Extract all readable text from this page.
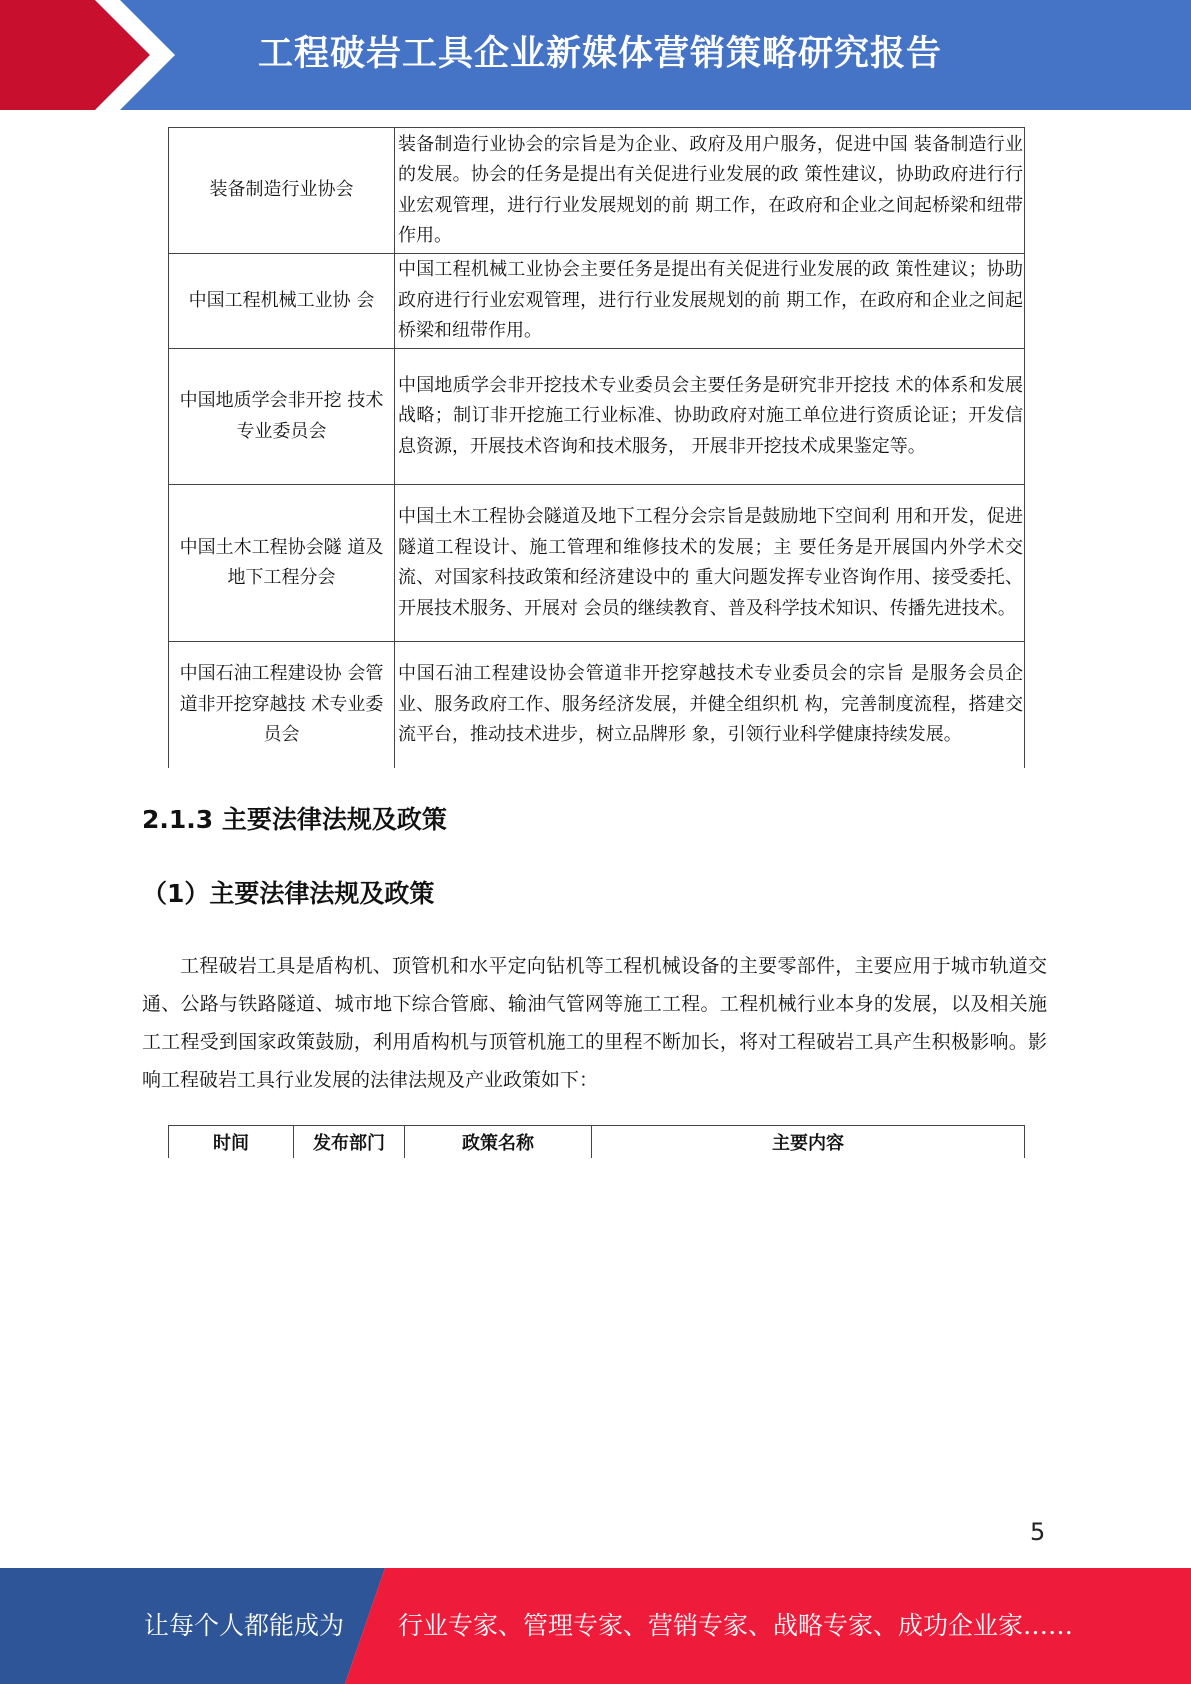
工程破岩工具企业新媒体营销策略研究报告
装备制造行业协会	装备制造行业协会的宗旨是为企业、政府及用户服务，促进中国 装备制造行业的发展。协会的任务是提出有关促进行业发展的政 策性建议，协助政府进行行业宏观管理，进行行业发展规划的前 期工作，在政府和企业之间起桥梁和纽带作用。
中国工程机械工业协 会	中国工程机械工业协会主要任务是提出有关促进行业发展的政 策性建议；协助政府进行行业宏观管理，进行行业发展规划的前 期工作，在政府和企业之间起桥梁和纽带作用。
中国地质学会非开挖 技术专业委员会	中国地质学会非开挖技术专业委员会主要任务是研究非开挖技 术的体系和发展战略；制订非开挖施工行业标准、协助政府对施工单位进行资质论证；开发信息资源，开展技术咨询和技术服务， 开展非开挖技术成果鉴定等。
中国土木工程协会隧 道及地下工程分会	中国土木工程协会隧道及地下工程分会宗旨是鼓励地下空间利 用和开发，促进隧道工程设计、施工管理和维修技术的发展；主 要任务是开展国内外学术交流、对国家科技政策和经济建设中的 重大问题发挥专业咨询作用、接受委托、开展技术服务、开展对 会员的继续教育、普及科学技术知识、传播先进技术。
中国石油工程建设协 会管道非开挖穿越技 术专业委员会	中国石油工程建设协会管道非开挖穿越技术专业委员会的宗旨 是服务会员企业、服务政府工作、服务经济发展，并健全组织机 构，完善制度流程，搭建交流平台，推动技术进步，树立品牌形 象，引领行业科学健康持续发展。
2.1.3 主要法律法规及政策
（1）主要法律法规及政策

工程破岩工具是盾构机、顶管机和水平定向钻机等工程机械设备的主要零部件，主要应用于城市轨道交通、公路与铁路隧道、城市地下综合管廊、输油气管网等施工工程。工程机械行业本身的发展，以及相关施工工程受到国家政策鼓励，利用盾构机与顶管机施工的里程不断加长，将对工程破岩工具产生积极影响。影响工程破岩工具行业发展的法律法规及产业政策如下：

时间	发布部门	政策名称	主要内容
5
让每个人都能成为 行业专家、管理专家、营销专家、战略专家、成功企业家……
